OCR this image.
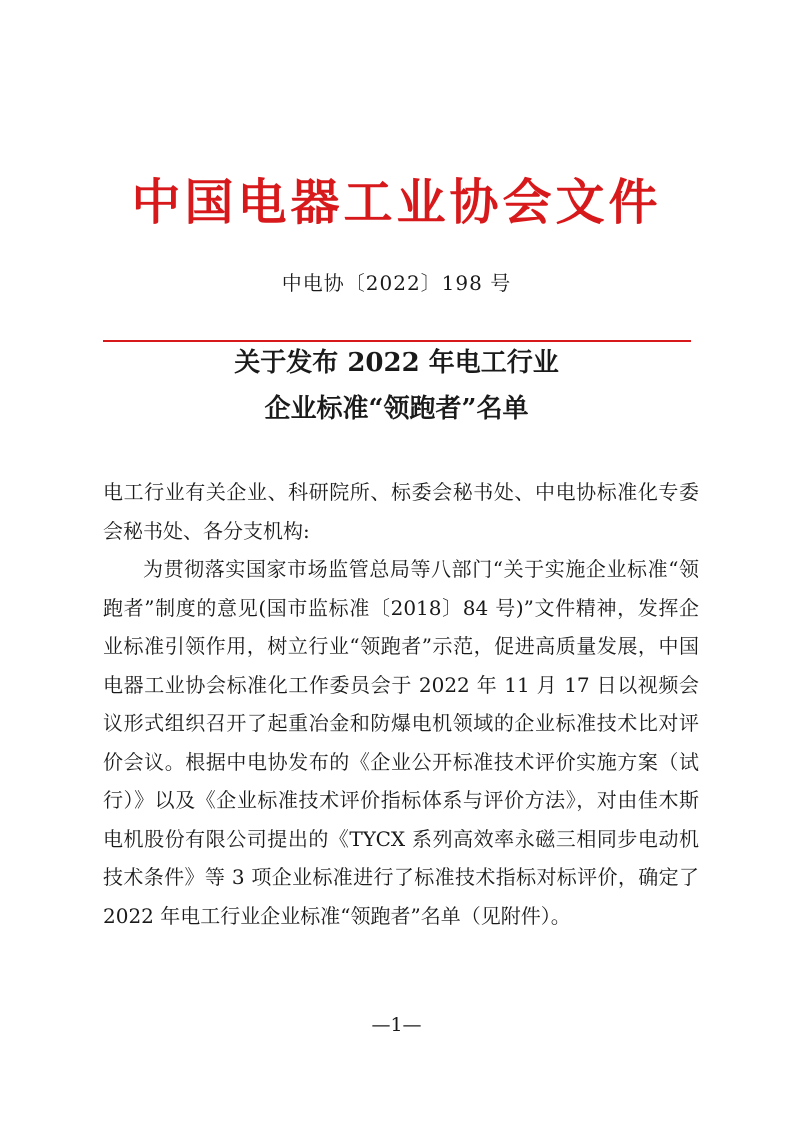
中国电器工业协会文件
中电协〔2022〕198 号
关于发布 2022 年电工行业
企业标准“领跑者”名单

电工行业有关企业、科研院所、标委会秘书处、中电协标准化专委会秘书处、各分支机构:

为贯彻落实国家市场监管总局等八部门“关于实施企业标准“领跑者”制度的意见(国市监标准〔2018〕84 号)”文件精神，发挥企业标准引领作用，树立行业“领跑者”示范，促进高质量发展，中国电器工业协会标准化工作委员会于 2022 年 11 月 17 日以视频会议形式组织召开了起重冶金和防爆电机领域的企业标准技术比对评价会议。根据中电协发布的《企业公开标准技术评价实施方案（试行）》以及《企业标准技术评价指标体系与评价方法》，对由佳木斯电机股份有限公司提出的《TYCX 系列高效率永磁三相同步电动机技术条件》等 3 项企业标准进行了标准技术指标对标评价，确定了 2022 年电工行业企业标准“领跑者”名单（见附件）。

—1—
